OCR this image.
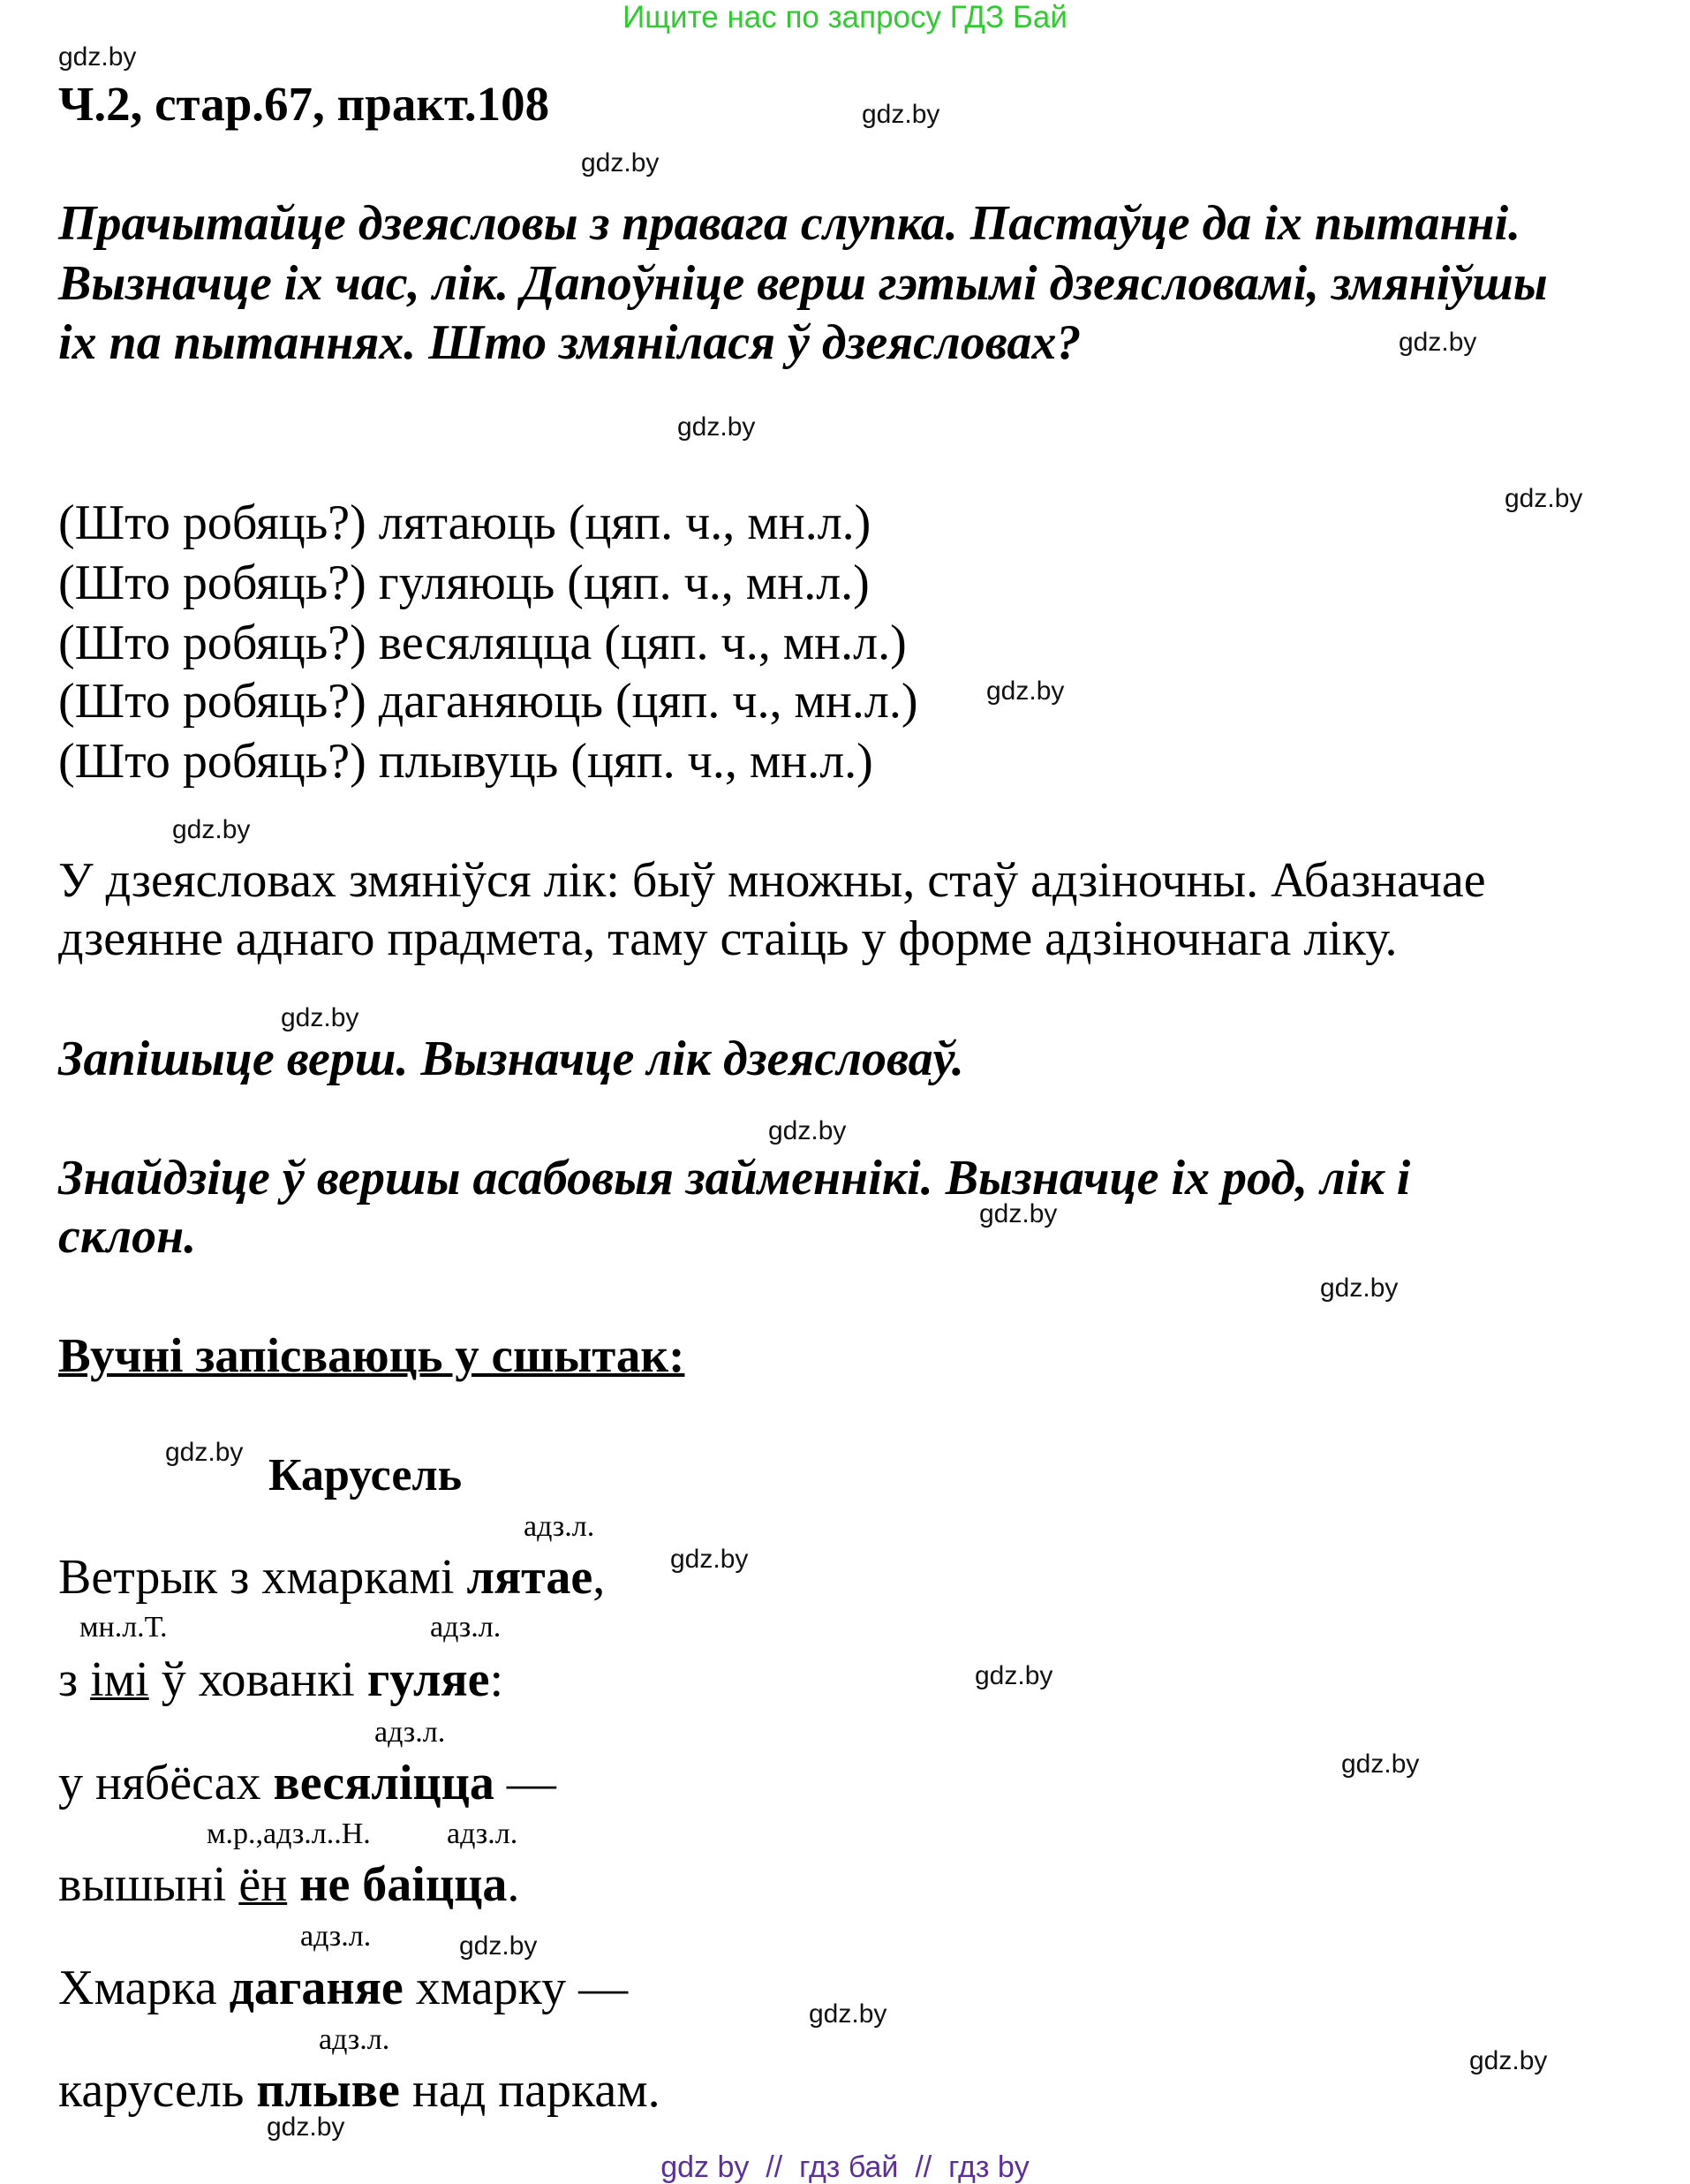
Ищите нас по запросу ГДЗ Бай
gdz.by
gdz.by
gdz.by
gdz.by
gdz.by
gdz.by
gdz.by
gdz.by
gdz.by
gdz.by
gdz.by
gdz.by
gdz.by
gdz.by
gdz.by
gdz.by
gdz.by
gdz.by
gdz.by
gdz.by
Ч.2, стар.67, практ.108
Прачытайце дзеясловы з правага слупка. Пастаўце да іх пытанні.
Вызначце іх час, лік. Дапоўніце верш гэтымі дзеясловамі, змяніўшы
іх па пытаннях. Што змянілася ў дзеясловах?
(Што робяць?) лятаюць (цяп. ч., мн.л.)
(Што робяць?) гуляюць (цяп. ч., мн.л.)
(Што робяць?) весяляцца (цяп. ч., мн.л.)
(Што робяць?) даганяюць (цяп. ч., мн.л.)
(Што робяць?) плывуць (цяп. ч., мн.л.)
У дзеясловах змяніўся лік: быў множны, стаў адзіночны. Абазначае
дзеянне аднаго прадмета, таму стаіць у форме адзіночнага ліку.
Запішыце верш. Вызначце лік дзеясловаў.
Знайдзіце ў вершы асабовыя займеннікі. Вызначце іх род, лік і
склон.
Вучні запісваюць у сшытак:
Карусель
адз.л.
мн.л.Т.	адз.л.
адз.л.
м.р.,адз.л..Н.	адз.л.
адз.л.
адз.л.
Ветрык з хмаркамі лятае,
з імі ў хованкі гуляе:
у нябёсах весяліцца —
вышыні ён не баіцца.
Хмарка даганяе хмарку —
карусель плыве над паркам.
gdz by  //  гдз бай  //  гдз by
